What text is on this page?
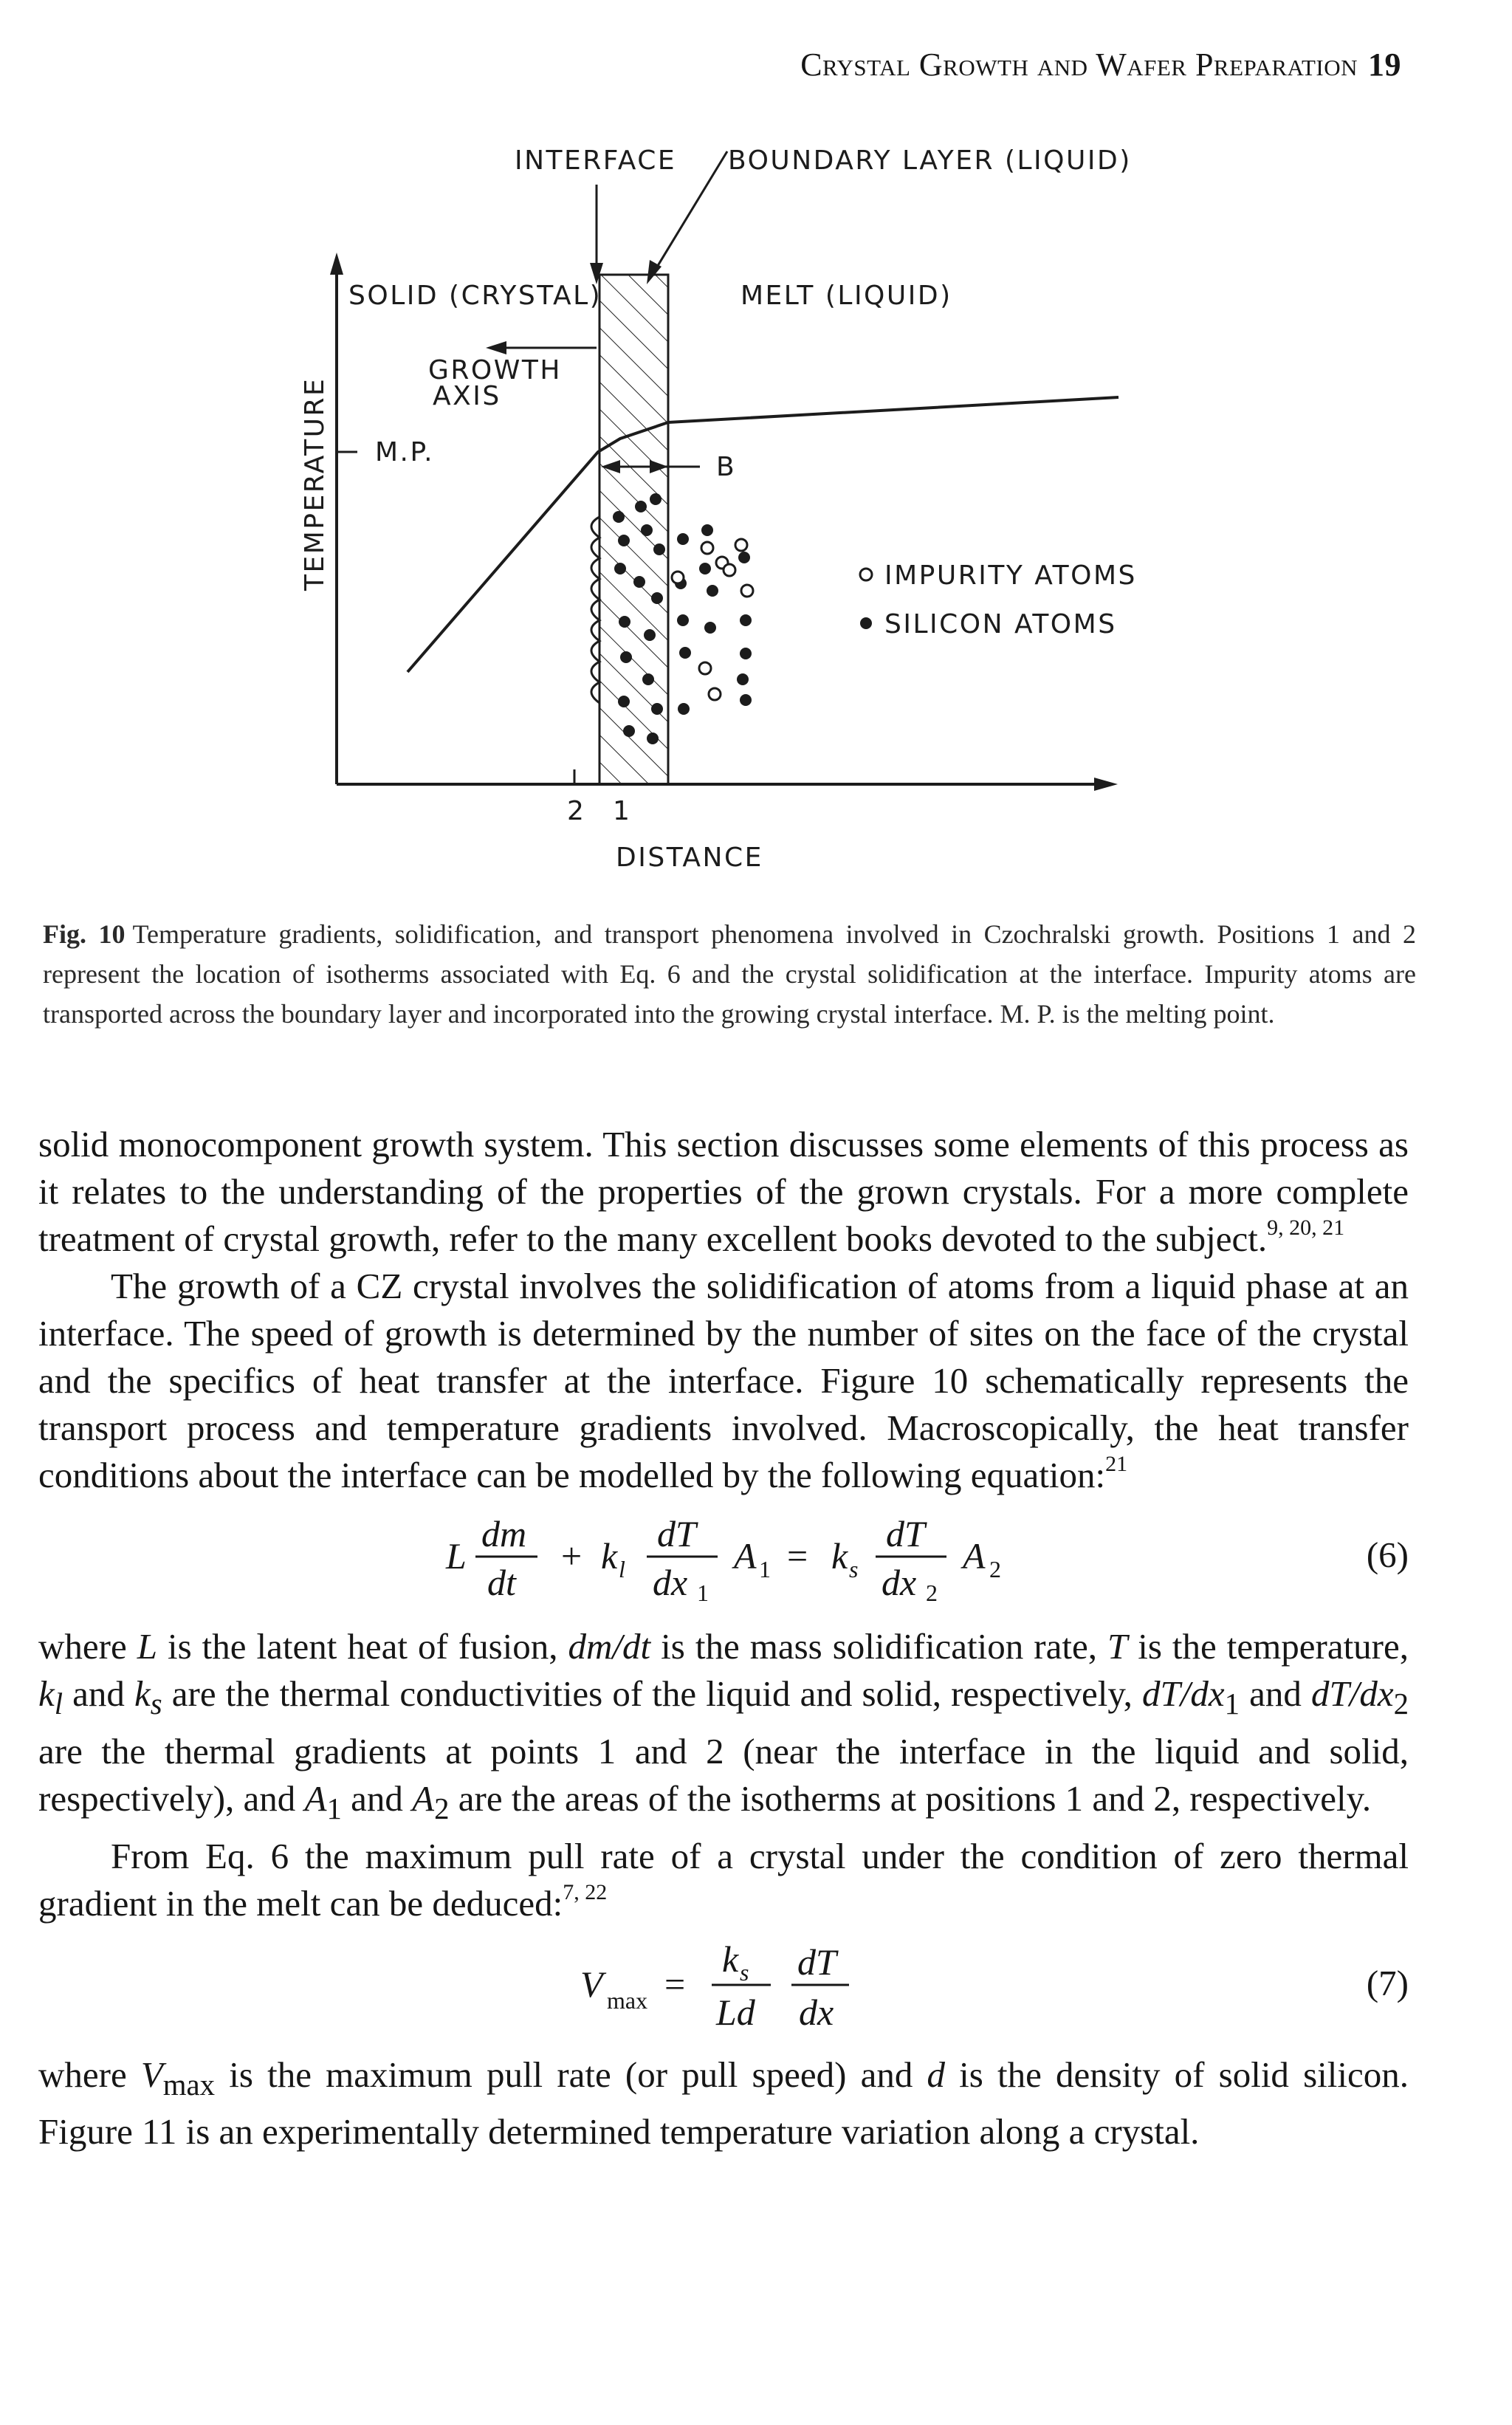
Crystal Growth and Wafer Preparation 19
INTERFACE BOUNDARY LAYER (LIQUID)
SOLID (CRYSTAL)	MELT (LIQUID)
GROWTH
AXIS
M.P.	B
TEMPERATURE
DISTANCE
2 1
IMPURITY ATOMS
SILICON ATOMS
Fig. 10 Temperature gradients, solidification, and transport phenomena involved in Czochralski growth. Positions 1 and 2 represent the location of isotherms associated with Eq. 6 and the crystal solidification at the interface. Impurity atoms are transported across the boundary layer and incorporated into the growing crystal interface. M. P. is the melting point.

solid monocomponent growth system. This section discusses some elements of this process as it relates to the understanding of the properties of the grown crystals. For a more complete treatment of crystal growth, refer to the many excellent books devoted to the subject.$^{9, 20, 21}$

The growth of a CZ crystal involves the solidification of atoms from a liquid phase at an interface. The speed of growth is determined by the number of sites on the face of the crystal and the specifics of heat transfer at the interface. Figure 10 schematically represents the transport process and temperature gradients involved. Macroscopically, the heat transfer conditions about the interface can be modelled by the following equation:$^{21}$

L
dm
dt
+ k l
dT
dx 1
A 1 = k s
dT
dx 2
A 2	(6)

where L is the latent heat of fusion, dm/dt is the mass solidification rate, T is the temperature, $k_l$ and $k_s$ are the thermal conductivities of the liquid and solid, respectively, $dT/dx_1$ and $dT/dx_2$ are the thermal gradients at points 1 and 2 (near the interface in the liquid and solid, respectively), and $A_1$ and $A_2$ are the areas of the isotherms at positions 1 and 2, respectively.

From Eq. 6 the maximum pull rate of a crystal under the condition of zero thermal gradient in the melt can be deduced:$^{7, 22}$

V max =
k s
Ld
dT
dx
(7)

where $V_{max}$ is the maximum pull rate (or pull speed) and d is the density of solid silicon. Figure 11 is an experimentally determined temperature variation along a crystal.
